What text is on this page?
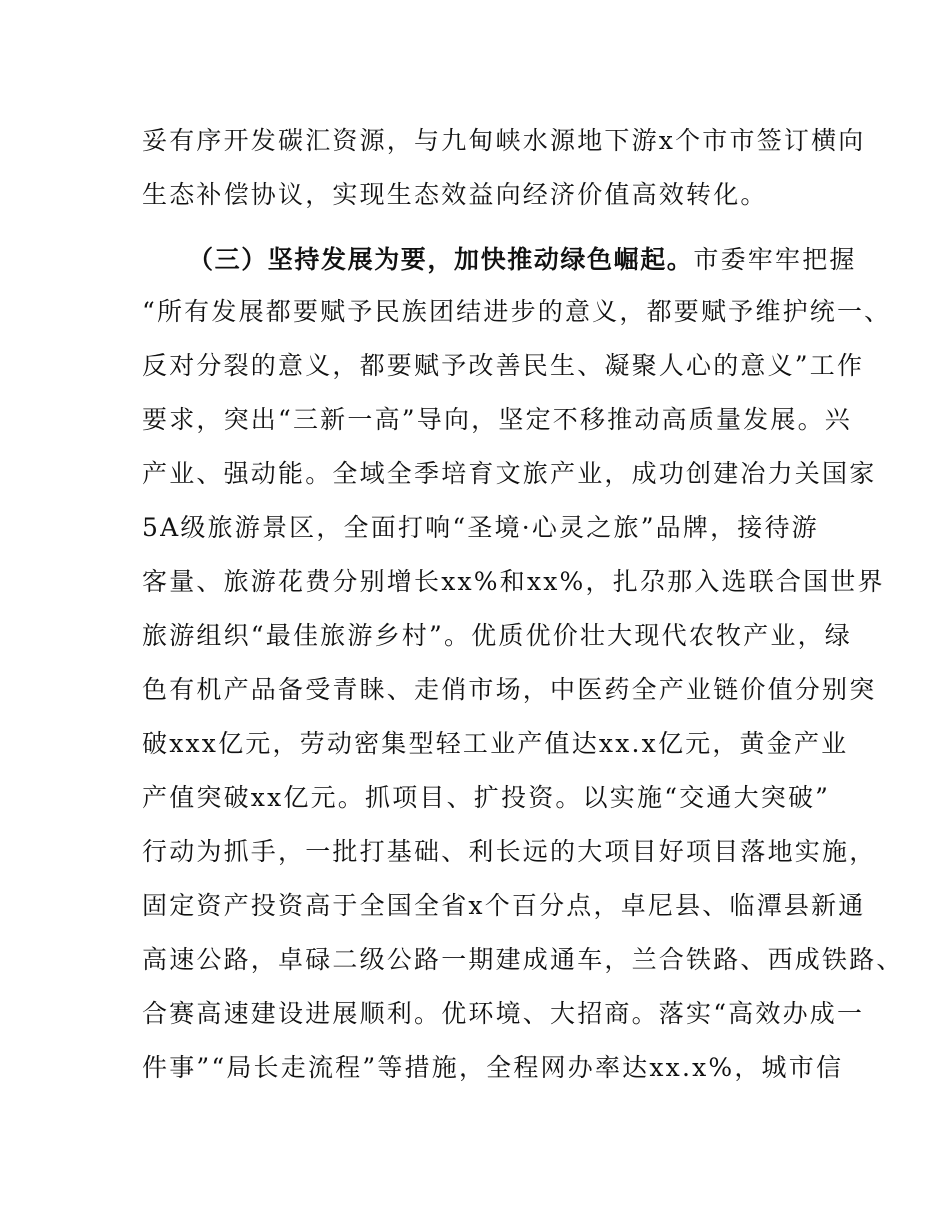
妥有序开发碳汇资源，与九甸峡水源地下游x个市市签订横向
生态补偿协议，实现生态效益向经济价值高效转化。
（三）坚持发展为要，加快推动绿色崛起。市委牢牢把握
“所有发展都要赋予民族团结进步的意义，都要赋予维护统一、
反对分裂的意义，都要赋予改善民生、凝聚人心的意义”工作
要求，突出“三新一高”导向，坚定不移推动高质量发展。兴
产业、强动能。全域全季培育文旅产业，成功创建冶力关国家
5A级旅游景区，全面打响“圣境·心灵之旅”品牌，接待游
客量、旅游花费分别增长xx%和xx%，扎尕那入选联合国世界
旅游组织“最佳旅游乡村”。优质优价壮大现代农牧产业，绿
色有机产品备受青睐、走俏市场，中医药全产业链价值分别突
破xxx亿元，劳动密集型轻工业产值达xx.x亿元，黄金产业
产值突破xx亿元。抓项目、扩投资。以实施“交通大突破”
行动为抓手，一批打基础、利长远的大项目好项目落地实施，
固定资产投资高于全国全省x个百分点，卓尼县、临潭县新通
高速公路，卓碌二级公路一期建成通车，兰合铁路、西成铁路、
合赛高速建设进展顺利。优环境、大招商。落实“高效办成一
件事”“局长走流程”等措施，全程网办率达xx.x%，城市信
